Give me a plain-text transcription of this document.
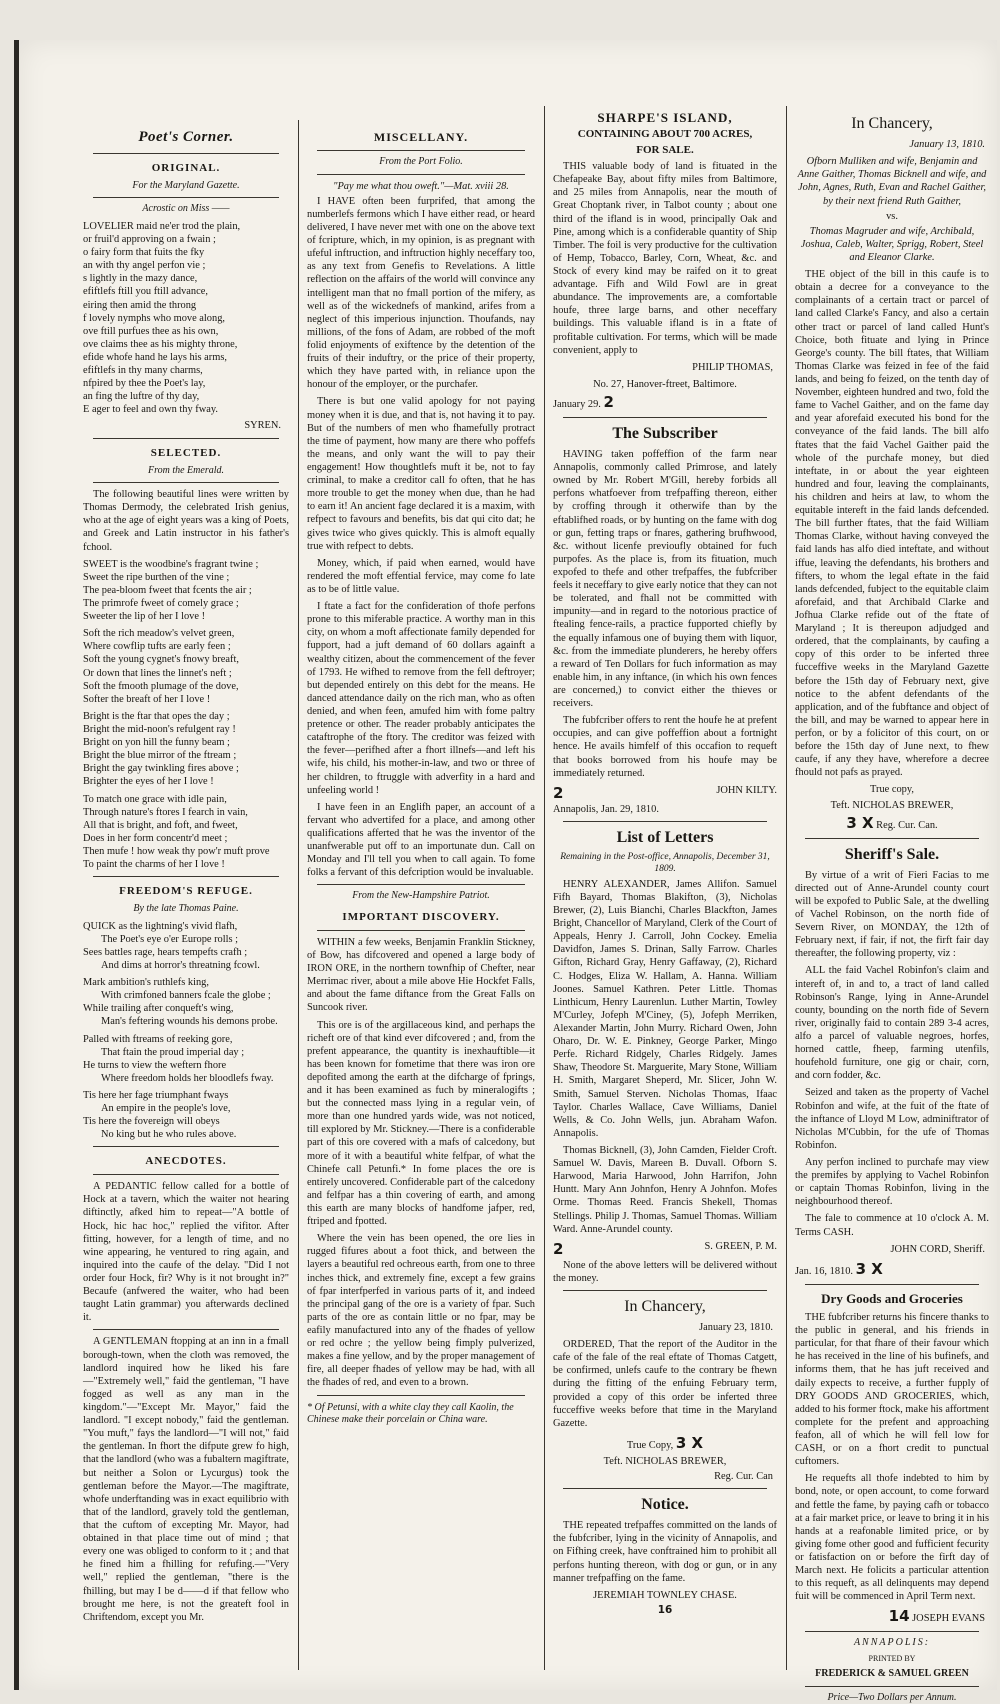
Poet's Corner.
ORIGINAL.
For the Maryland Gazette.
Acrostic on Miss ——
LOVELIER maid ne'er trod the plain,
or fruil'd approving on a fwain ;
o fairy form that fuits the fky
an with thy angel perfon vie ;
s lightly in the mazy dance,
efiftlefs ftill you ftill advance,
eiring then amid the throng
f lovely nymphs who move along,
ove ftill purfues thee as his own,
ove claims thee as his mighty throne,
efide whofe hand he lays his arms,
efiftlefs in thy many charms,
nfpired by thee the Poet's lay,
an fing the luftre of thy day,
E ager to feel and own thy fway.
SYREN.
SELECTED.
From the Emerald.

The following beautiful lines were written by Thomas Dermody, the celebrated Irish genius, who at the age of eight years was a king of Poets, and Greek and Latin instructor in his father's fchool.

SWEET is the woodbine's fragrant twine ;
Sweet the ripe burthen of the vine ;
The pea-bloom fweet that fcents the air ;
The primrofe fweet of comely grace ;
Sweeter the lip of her I love !
Soft the rich meadow's velvet green,
Where cowflip tufts are early feen ;
Soft the young cygnet's fnowy breaft,
Or down that lines the linnet's neft ;
Soft the fmooth plumage of the dove,
Softer the breaft of her I love !
Bright is the ftar that opes the day ;
Bright the mid-noon's refulgent ray !
Bright on yon hill the funny beam ;
Bright the blue mirror of the ftream ;
Bright the gay twinkling fires above ;
Brighter the eyes of her I love !
To match one grace with idle pain,
Through nature's ftores I fearch in vain,
All that is bright, and foft, and fweet,
Does in her form concentr'd meet ;
Then mufe ! how weak thy pow'r muft prove
To paint the charms of her I love !
FREEDOM'S REFUGE.
By the late Thomas Paine.
QUICK as the lightning's vivid flafh,
The Poet's eye o'er Europe rolls ;
Sees battles rage, hears tempefts crafh ;
And dims at horror's threatning fcowl.
Mark ambition's ruthlefs king,
With crimfoned banners fcale the globe ;
While trailing after conqueft's wing,
Man's feftering wounds his demons probe.
Palled with ftreams of reeking gore,
That ftain the proud imperial day ;
He turns to view the weftern fhore
Where freedom holds her bloodlefs fway.
Tis here her fage triumphant fways
An empire in the people's love,
Tis here the fovereign will obeys
No king but he who rules above.
ANECDOTES.

A PEDANTIC fellow called for a bottle of Hock at a tavern, which the waiter not hearing diftinctly, afked him to repeat—"A bottle of Hock, hic hac hoc," replied the vifitor. After fitting, however, for a length of time, and no wine appearing, he ventured to ring again, and inquired into the caufe of the delay. "Did I not order four Hock, fir? Why is it not brought in?" Becaufe (anfwered the waiter, who had been taught Latin grammar) you afterwards declined it.

A GENTLEMAN ftopping at an inn in a fmall borough-town, when the cloth was removed, the landlord inquired how he liked his fare—"Extremely well," faid the gentleman, "I have fogged as well as any man in the kingdom."—"Except Mr. Mayor," faid the landlord. "I except nobody," faid the gentleman. "You muft," fays the landlord—"I will not," faid the gentleman. In fhort the difpute grew fo high, that the landlord (who was a fubaltern magiftrate, but neither a Solon or Lycurgus) took the gentleman before the Mayor.—The magiftrate, whofe underftanding was in exact equilibrio with that of the landlord, gravely told the gentleman, that the cuftom of excepting Mr. Mayor, had obtained in that place time out of mind ; that every one was obliged to conform to it ; and that he fined him a fhilling for refufing.—"Very well," replied the gentleman, "there is the fhilling, but may I be d——d if that fellow who brought me here, is not the greateft fool in Chriftendom, except you Mr.

MISCELLANY.
From the Port Folio.
"Pay me what thou oweft."—Mat. xviii 28.

I HAVE often been furprifed, that among the numberlefs fermons which I have either read, or heard delivered, I have never met with one on the above text of fcripture, which, in my opinion, is as pregnant with ufeful inftruction, and inftruction highly neceffary too, as any text from Genefis to Revelations. A little reflection on the affairs of the world will convince any intelligent man that no fmall portion of the mifery, as well as of the wickednefs of mankind, arifes from a neglect of this imperious injunction. Thoufands, nay millions, of the fons of Adam, are robbed of the moft folid enjoyments of exiftence by the detention of the fruits of their induftry, or the price of their property, which they have parted with, in reliance upon the honour of the employer, or the purchafer.

There is but one valid apology for not paying money when it is due, and that is, not having it to pay. But of the numbers of men who fhamefully protract the time of payment, how many are there who poffefs the means, and only want the will to pay their engagement! How thoughtlefs muft it be, not to fay criminal, to make a creditor call fo often, that he has more trouble to get the money when due, than he had to earn it! An ancient fage declared it is a maxim, with refpect to favours and benefits, bis dat qui cito dat; he gives twice who gives quickly. This is almoft equally true with refpect to debts.

Money, which, if paid when earned, would have rendered the moft effential fervice, may come fo late as to be of little value.

I ftate a fact for the confideration of thofe perfons prone to this miferable practice. A worthy man in this city, on whom a moft affectionate family depended for fupport, had a juft demand of 60 dollars againft a wealthy citizen, about the commencement of the fever of 1793. He wifhed to remove from the fell deftroyer; but depended entirely on this debt for the means. He danced attendance daily on the rich man, who as often denied, and when feen, amufed him with fome paltry pretence or other. The reader probably anticipates the cataftrophe of the ftory. The creditor was feized with the fever—perifhed after a fhort illnefs—and left his wife, his child, his mother-in-law, and two or three of her children, to ftruggle with adverfity in a hard and unfeeling world !

I have feen in an Englifh paper, an account of a fervant who advertifed for a place, and among other qualifications afferted that he was the inventor of the unanfwerable put off to an importunate dun. Call on Monday and I'll tell you when to call again. To fome folks a fervant of this defcription would be invaluable.

From the New-Hampshire Patriot.
IMPORTANT DISCOVERY.

WITHIN a few weeks, Benjamin Franklin Stickney, of Bow, has difcovered and opened a large body of IRON ORE, in the northern townfhip of Chefter, near Merrimac river, about a mile above Hie Hockfet Falls, and about the fame diftance from the Great Falls on Suncook river.

This ore is of the argillaceous kind, and perhaps the richeft ore of that kind ever difcovered ; and, from the prefent appearance, the quantity is inexhauftible—it has been known for fometime that there was iron ore depofited among the earth at the difcharge of fprings, and it has been examined as fuch by mineralogifts ; but the connected mass lying in a regular vein, of more than one hundred yards wide, was not noticed, till explored by Mr. Stickney.—There is a confiderable part of this ore covered with a mafs of calcedony, but more of it with a beautiful white felfpar, of what the Chinefe call Petunfi.* In fome places the ore is entirely uncovered. Confiderable part of the calcedony and felfpar has a thin covering of earth, and among this earth are many blocks of handfome jafper, red, ftriped and fpotted.

Where the vein has been opened, the ore lies in rugged fifures about a foot thick, and between the layers a beautiful red ochreous earth, from one to three inches thick, and extremely fine, except a few grains of fpar interfperfed in various parts of it, and indeed the principal gang of the ore is a variety of fpar. Such parts of the ore as contain little or no fpar, may be eafily manufactured into any of the fhades of yellow or red ochre ; the yellow being fimply pulverized, makes a fine yellow, and by the proper management of fire, all deeper fhades of yellow may be had, with all the fhades of red, and even to a brown.

* Of Petunsi, with a white clay they call Kaolin, the Chinese make their porcelain or China ware.
SHARPE'S ISLAND,
CONTAINING ABOUT 700 ACRES,
FOR SALE.

THIS valuable body of land is fituated in the Chefapeake Bay, about fifty miles from Baltimore, and 25 miles from Annapolis, near the mouth of Great Choptank river, in Talbot county ; about one third of the ifland is in wood, principally Oak and Pine, among which is a confiderable quantity of Ship Timber. The foil is very productive for the cultivation of Hemp, Tobacco, Barley, Corn, Wheat, &c. and Stock of every kind may be raifed on it to great advantage. Fifh and Wild Fowl are in great abundance. The improvements are, a comfortable houfe, three large barns, and other neceffary buildings. This valuable ifland is in a ftate of profitable cultivation. For terms, which will be made convenient, apply to

PHILIP THOMAS,
No. 27, Hanover-ftreet, Baltimore.
January 29. 2
The Subscriber

HAVING taken poffeffion of the farm near Annapolis, commonly called Primrose, and lately owned by Mr. Robert M'Gill, hereby forbids all perfons whatfoever from trefpaffing thereon, either by croffing through it otherwife than by the eftablifhed roads, or by hunting on the fame with dog or gun, fetting traps or fnares, gathering brufhwood, &c. without licenfe previoufly obtained for fuch purpofes. As the place is, from its fituation, much expofed to thefe and other trefpaffes, the fubfcriber feels it neceffary to give early notice that they can not be tolerated, and fhall not be committed with impunity—and in regard to the notorious practice of ftealing fence-rails, a practice fupported chiefly by the equally infamous one of buying them with liquor, &c. from the immediate plunderers, he hereby offers a reward of Ten Dollars for fuch information as may enable him, in any inftance, (in which his own fences are concerned,) to convict either the thieves or receivers.

The fubfcriber offers to rent the houfe he at prefent occupies, and can give poffeffion about a fortnight hence. He avails himfelf of this occafion to requeft that books borrowed from his houfe may be immediately returned.

2	JOHN KILTY.
Annapolis, Jan. 29, 1810.
List of Letters
Remaining in the Post-office, Annapolis, December 31, 1809.

HENRY ALEXANDER, James Allifon. Samuel Fifh Bayard, Thomas Blakifton, (3), Nicholas Brewer, (2), Luis Bianchi, Charles Blackfton, James Bright, Chancellor of Maryland, Clerk of the Court of Appeals, Henry J. Carroll, John Cockey. Emelia Davidfon, James S. Drinan, Sally Farrow. Charles Gifton, Richard Gray, Henry Gaffaway, (2), Richard C. Hodges, Eliza W. Hallam, A. Hanna. William Joones. Samuel Kathren. Peter Little. Thomas Linthicum, Henry Laurenlun. Luther Martin, Towley M'Curley, Jofeph M'Ciney, (5), Jofeph Merriken, Alexander Martin, John Murry. Richard Owen, John Oharo, Dr. W. E. Pinkney, George Parker, Mingo Perfe. Richard Ridgely, Charles Ridgely. James Shaw, Theodore St. Marguerite, Mary Stone, William H. Smith, Margaret Sheperd, Mr. Slicer, John W. Smith, Samuel Sterven. Nicholas Thomas, Ifaac Taylor. Charles Wallace, Cave Williams, Daniel Wells, & Co. John Wells, jun. Abraham Wafon. Annapolis.

Thomas Bicknell, (3), John Camden, Fielder Croft. Samuel W. Davis, Mareen B. Duvall. Ofborn S. Harwood, Maria Harwood, John Harrifon, John Huntt. Mary Ann Johnfon, Henry A Johnfon. Mofes Orme. Thomas Reed. Francis Shekell, Thomas Stellings. Philip J. Thomas, Samuel Thomas. William Ward. Anne-Arundel county.

2	S. GREEN, P. M.

None of the above letters will be delivered without the money.

In Chancery,
January 23, 1810.

ORDERED, That the report of the Auditor in the cafe of the fale of the real eftate of Thomas Catgett, be confirmed, unlefs caufe to the contrary be fhewn during the fitting of the enfuing February term, provided a copy of this order be inferted three fucceffive weeks before that time in the Maryland Gazette.

True Copy, 3 X
Teft. NICHOLAS BREWER,
Reg. Cur. Can
Notice.

THE repeated trefpaffes committed on the lands of the fubfcriber, lying in the vicinity of Annapolis, and on Fifhing creek, have conftrained him to prohibit all perfons hunting thereon, with dog or gun, or in any manner trefpaffing on the fame.

JEREMIAH TOWNLEY CHASE.
16
In Chancery,
January 13, 1810.
Ofborn Mulliken and wife, Benjamin and Anne Gaither, Thomas Bicknell and wife, and John, Agnes, Ruth, Evan and Rachel Gaither, by their next friend Ruth Gaither,
vs.
Thomas Magruder and wife, Archibald, Joshua, Caleb, Walter, Sprigg, Robert, Steel and Eleanor Clarke.

THE object of the bill in this caufe is to obtain a decree for a conveyance to the complainants of a certain tract or parcel of land called Clarke's Fancy, and also a certain other tract or parcel of land called Hunt's Choice, both fituate and lying in Prince George's county. The bill ftates, that William Thomas Clarke was feized in fee of the faid lands, and being fo feized, on the tenth day of November, eighteen hundred and two, fold the fame to Vachel Gaither, and on the fame day and year aforefaid executed his bond for the conveyance of the faid lands. The bill alfo ftates that the faid Vachel Gaither paid the whole of the purchafe money, but died inteftate, in or about the year eighteen hundred and four, leaving the complainants, his children and heirs at law, to whom the equitable intereft in the faid lands defcended. The bill further ftates, that the faid William Thomas Clarke, without having conveyed the faid lands has alfo died inteftate, and without iffue, leaving the defendants, his brothers and fifters, to whom the legal eftate in the faid lands defcended, fubject to the equitable claim aforefaid, and that Archibald Clarke and Jofhua Clarke refide out of the ftate of Maryland ; It is thereupon adjudged and ordered, that the complainants, by caufing a copy of this order to be inferted three fucceffive weeks in the Maryland Gazette before the 15th day of February next, give notice to the abfent defendants of the application, and of the fubftance and object of the bill, and may be warned to appear here in perfon, or by a folicitor of this court, on or before the 15th day of June next, to fhew caufe, if any they have, wherefore a decree fhould not pafs as prayed.

True copy,
Teft. NICHOLAS BREWER,
3 X Reg. Cur. Can.
Sheriff's Sale.

By virtue of a writ of Fieri Facias to me directed out of Anne-Arundel county court will be expofed to Public Sale, at the dwelling of Vachel Robinson, on the north fide of Severn River, on MONDAY, the 12th of February next, if fair, if not, the firft fair day thereafter, the following property, viz :

ALL the faid Vachel Robinfon's claim and intereft of, in and to, a tract of land called Robinson's Range, lying in Anne-Arundel county, bounding on the north fide of Severn river, originally faid to contain 289 3-4 acres, alfo a parcel of valuable negroes, horfes, horned cattle, fheep, farming utenfils, houfehold furniture, one gig or chair, corn, and corn fodder, &c.

Seized and taken as the property of Vachel Robinfon and wife, at the fuit of the ftate of the inftance of Lloyd M Low, adminiftrator of Nicholas M'Cubbin, for the ufe of Thomas Robinfon.

Any perfon inclined to purchafe may view the premifes by applying to Vachel Robinfon or captain Thomas Robinfon, living in the neighbourhood thereof.

The fale to commence at 10 o'clock A. M. Terms CASH.

JOHN CORD, Sheriff.
Jan. 16, 1810. 3 X
Dry Goods and Groceries

THE fubfcriber returns his fincere thanks to the public in general, and his friends in particular, for that fhare of their favour which he has received in the line of his bufinefs, and informs them, that he has juft received and daily expects to receive, a further fupply of DRY GOODS AND GROCERIES, which, added to his former ftock, make his affortment complete for the prefent and approaching feafon, all of which he will fell low for CASH, or on a fhort credit to punctual cuftomers.

He requefts all thofe indebted to him by bond, note, or open account, to come forward and fettle the fame, by paying cafh or tobacco at a fair market price, or leave to bring it in his hands at a reafonable limited price, or by giving fome other good and fufficient fecurity or fatisfaction on or before the firft day of March next. He folicits a particular attention to this requeft, as all delinquents may depend fuit will be commenced in April Term next.

14 JOSEPH EVANS
ANNAPOLIS:
PRINTED BY
FREDERICK & SAMUEL GREEN
Price—Two Dollars per Annum.
